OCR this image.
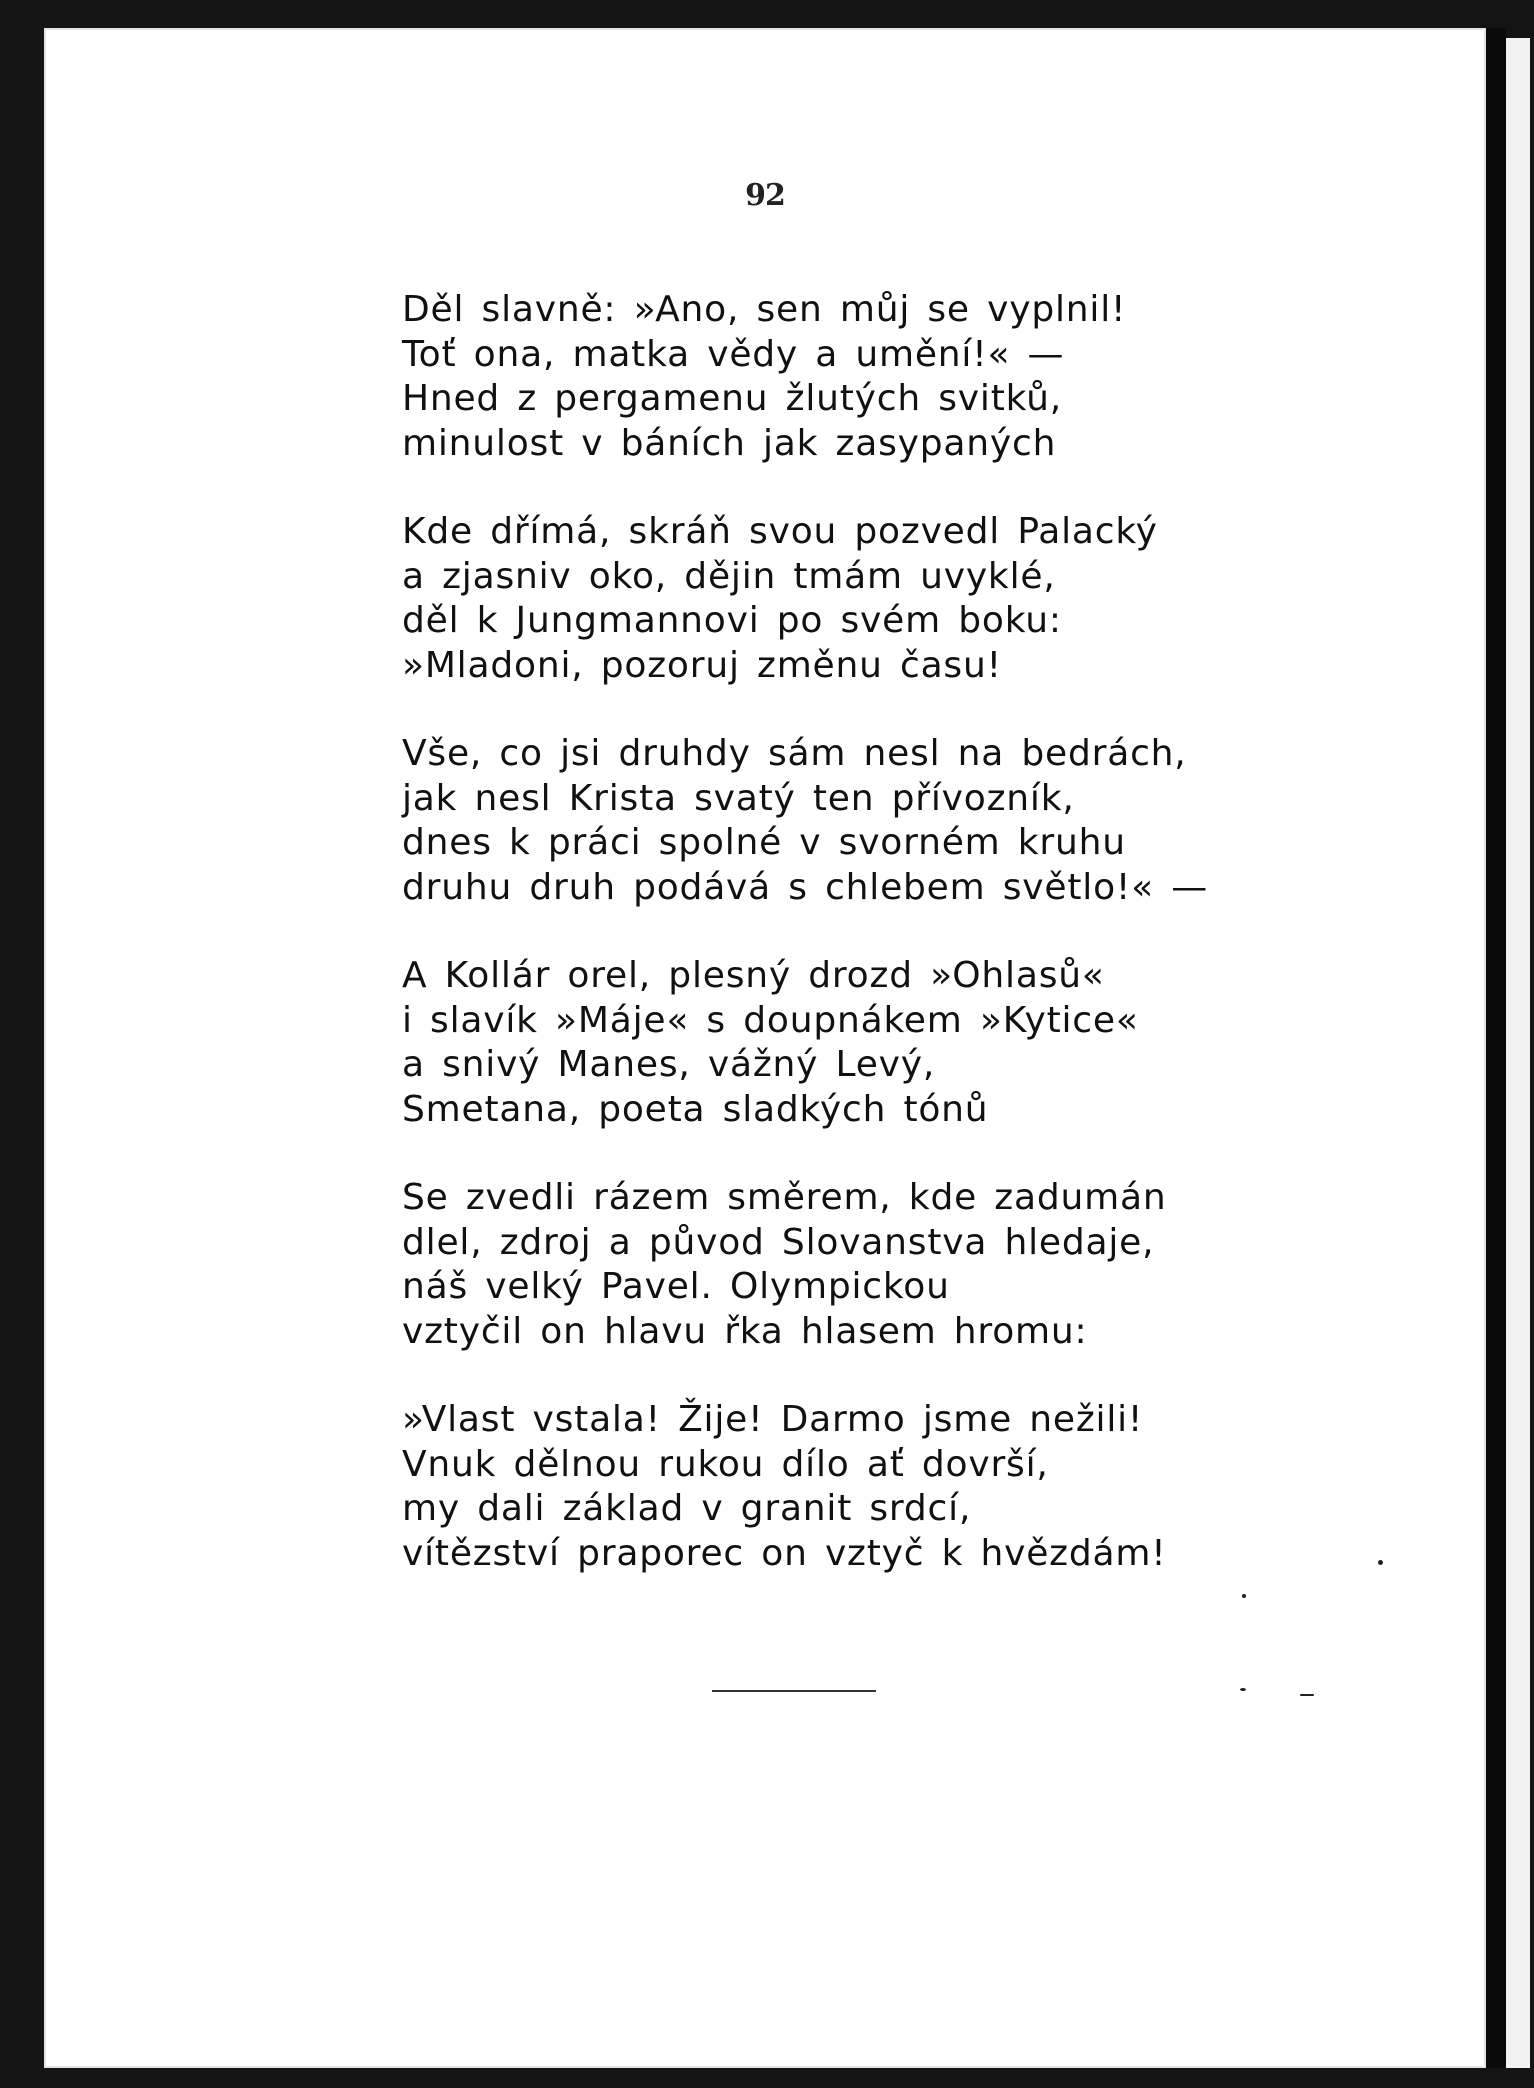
92
Děl slavně: »Ano, sen můj se vyplnil!
Toť ona, matka vědy a umění!« —
Hned z pergamenu žlutých svitků,
minulost v báních jak zasypaných
Kde dřímá, skráň svou pozvedl Palacký
a zjasniv oko, dějin tmám uvyklé,
děl k Jungmannovi po svém boku:
»Mladoni, pozoruj změnu času!
Vše, co jsi druhdy sám nesl na bedrách,
jak nesl Krista svatý ten přívozník,
dnes k práci spolné v svorném kruhu
druhu druh podává s chlebem světlo!« —
A Kollár orel, plesný drozd »Ohlasů«
i slavík »Máje« s doupnákem »Kytice«
a snivý Manes, vážný Levý,
Smetana, poeta sladkých tónů
Se zvedli rázem směrem, kde zadumán
dlel, zdroj a původ Slovanstva hledaje,
náš velký Pavel. Olympickou
vztyčil on hlavu řka hlasem hromu:
»Vlast vstala! Žije! Darmo jsme nežili!
Vnuk dělnou rukou dílo ať dovrší,
my dali základ v granit srdcí,
vítězství praporec on vztyč k hvězdám!
